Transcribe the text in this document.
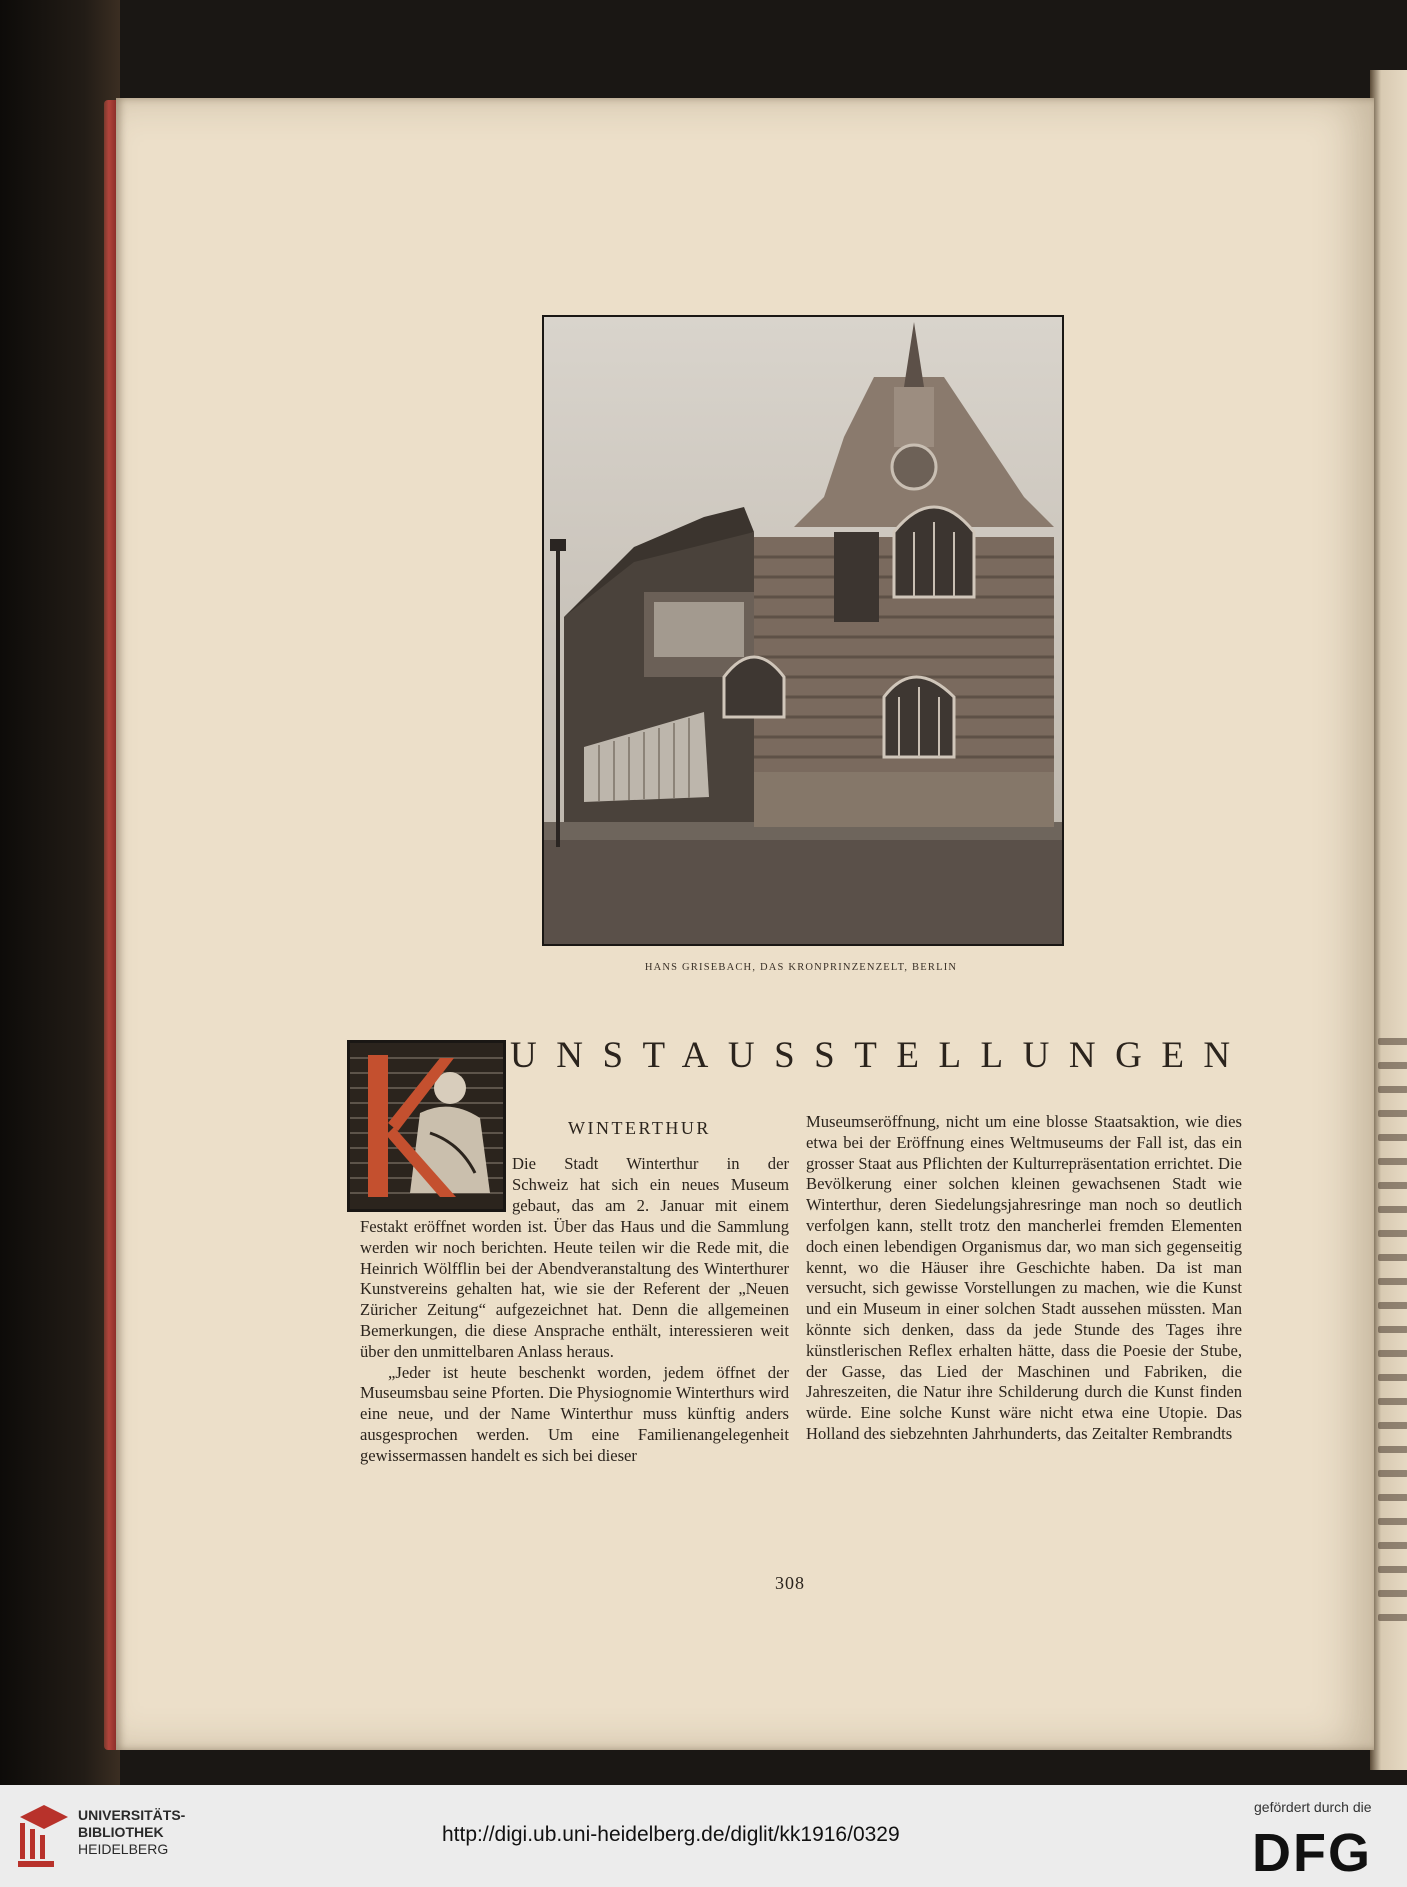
HANS GRISEBACH, DAS KRONPRINZENZELT, BERLIN
UNSTAUSSTELLUNGEN
WINTERTHUR

Die Stadt Winterthur in der

Schweiz hat sich ein neues Museum

gebaut, das am 2. Januar mit einem

Festakt eröffnet worden ist. Über das Haus und die Sammlung werden wir noch berichten. Heute teilen wir die Rede mit, die Heinrich Wölfflin bei der Abendveranstaltung des Winterthurer Kunstvereins gehalten hat, wie sie der Referent der „Neuen Züricher Zeitung“ aufgezeichnet hat. Denn die allgemeinen Bemerkungen, die diese Ansprache enthält, interessieren weit über den unmittelbaren Anlass heraus.

„Jeder ist heute beschenkt worden, jedem öffnet der Museumsbau seine Pforten. Die Physiognomie Winterthurs wird eine neue, und der Name Winterthur muss künftig anders ausgesprochen werden. Um eine Familienangelegenheit gewissermassen handelt es sich bei dieser

Museumseröffnung, nicht um eine blosse Staatsaktion, wie dies etwa bei der Eröffnung eines Weltmuseums der Fall ist, das ein grosser Staat aus Pflichten der Kulturrepräsentation errichtet. Die Bevölkerung einer solchen kleinen gewachsenen Stadt wie Winterthur, deren Siedelungsjahresringe man noch so deutlich verfolgen kann, stellt trotz den mancherlei fremden Elementen doch einen lebendigen Organismus dar, wo man sich gegenseitig kennt, wo die Häuser ihre Geschichte haben. Da ist man versucht, sich gewisse Vorstellungen zu machen, wie die Kunst und ein Museum in einer solchen Stadt aussehen müssten. Man könnte sich denken, dass da jede Stunde des Tages ihre künstlerischen Reflex erhalten hätte, dass die Poesie der Stube, der Gasse, das Lied der Maschinen und Fabriken, die Jahreszeiten, die Natur ihre Schilderung durch die Kunst finden würde. Eine solche Kunst wäre nicht etwa eine Utopie. Das Holland des siebzehnten Jahrhunderts, das Zeitalter Rembrandts

308
UNIVERSITÄTS-
BIBLIOTHEK
HEIDELBERG
http://digi.ub.uni-heidelberg.de/diglit/kk1916/0329
gefördert durch die
DFG
